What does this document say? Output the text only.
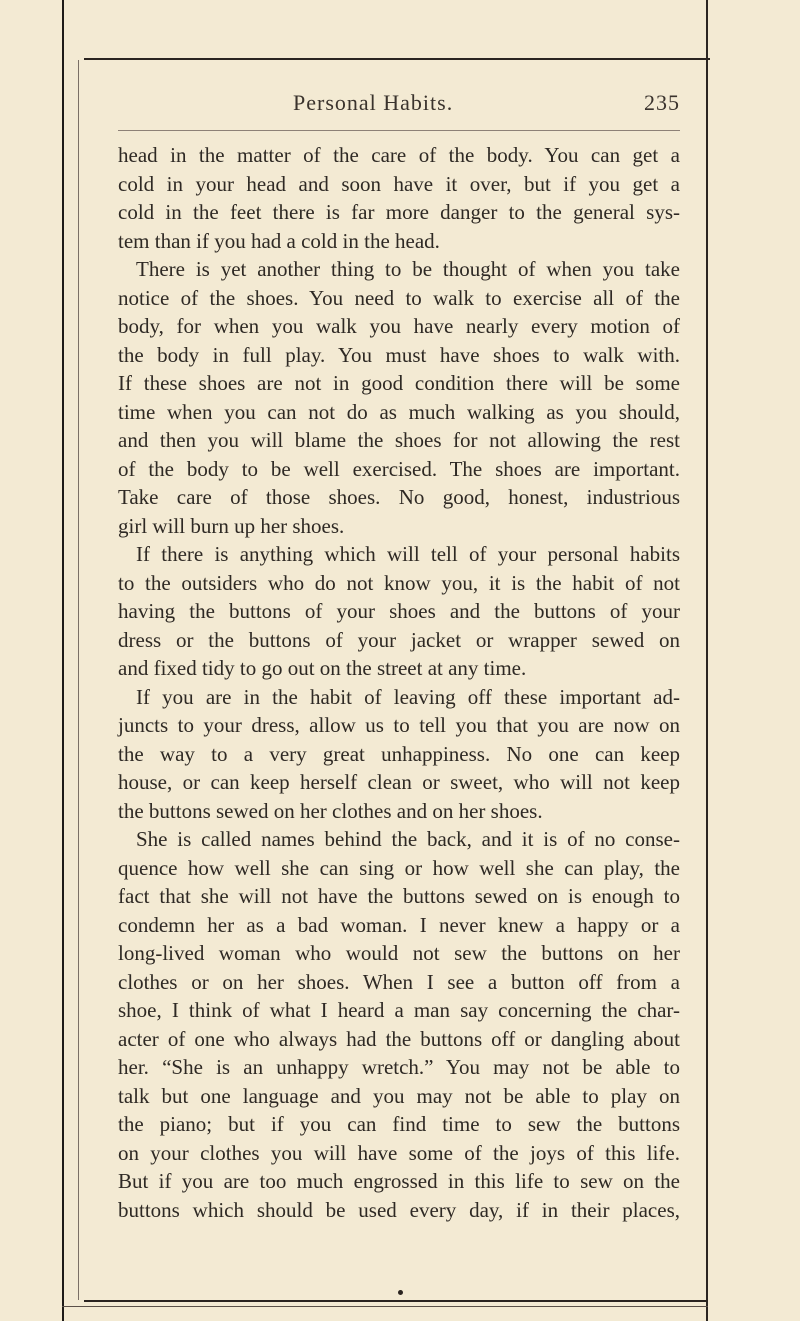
Personal Habits.	235
head in the matter of the care of the body. You can get a
cold in your head and soon have it over, but if you get a
cold in the feet there is far more danger to the general sys-
tem than if you had a cold in the head.
There is yet another thing to be thought of when you take
notice of the shoes. You need to walk to exercise all of the
body, for when you walk you have nearly every motion of
the body in full play. You must have shoes to walk with.
If these shoes are not in good condition there will be some
time when you can not do as much walking as you should,
and then you will blame the shoes for not allowing the rest
of the body to be well exercised. The shoes are important.
Take care of those shoes. No good, honest, industrious
girl will burn up her shoes.
If there is anything which will tell of your personal habits
to the outsiders who do not know you, it is the habit of not
having the buttons of your shoes and the buttons of your
dress or the buttons of your jacket or wrapper sewed on
and fixed tidy to go out on the street at any time.
If you are in the habit of leaving off these important ad-
juncts to your dress, allow us to tell you that you are now on
the way to a very great unhappiness. No one can keep
house, or can keep herself clean or sweet, who will not keep
the buttons sewed on her clothes and on her shoes.
She is called names behind the back, and it is of no conse-
quence how well she can sing or how well she can play, the
fact that she will not have the buttons sewed on is enough to
condemn her as a bad woman. I never knew a happy or a
long-lived woman who would not sew the buttons on her
clothes or on her shoes. When I see a button off from a
shoe, I think of what I heard a man say concerning the char-
acter of one who always had the buttons off or dangling about
her. “She is an unhappy wretch.” You may not be able to
talk but one language and you may not be able to play on
the piano; but if you can find time to sew the buttons
on your clothes you will have some of the joys of this life.
But if you are too much engrossed in this life to sew on the
buttons which should be used every day, if in their places,
